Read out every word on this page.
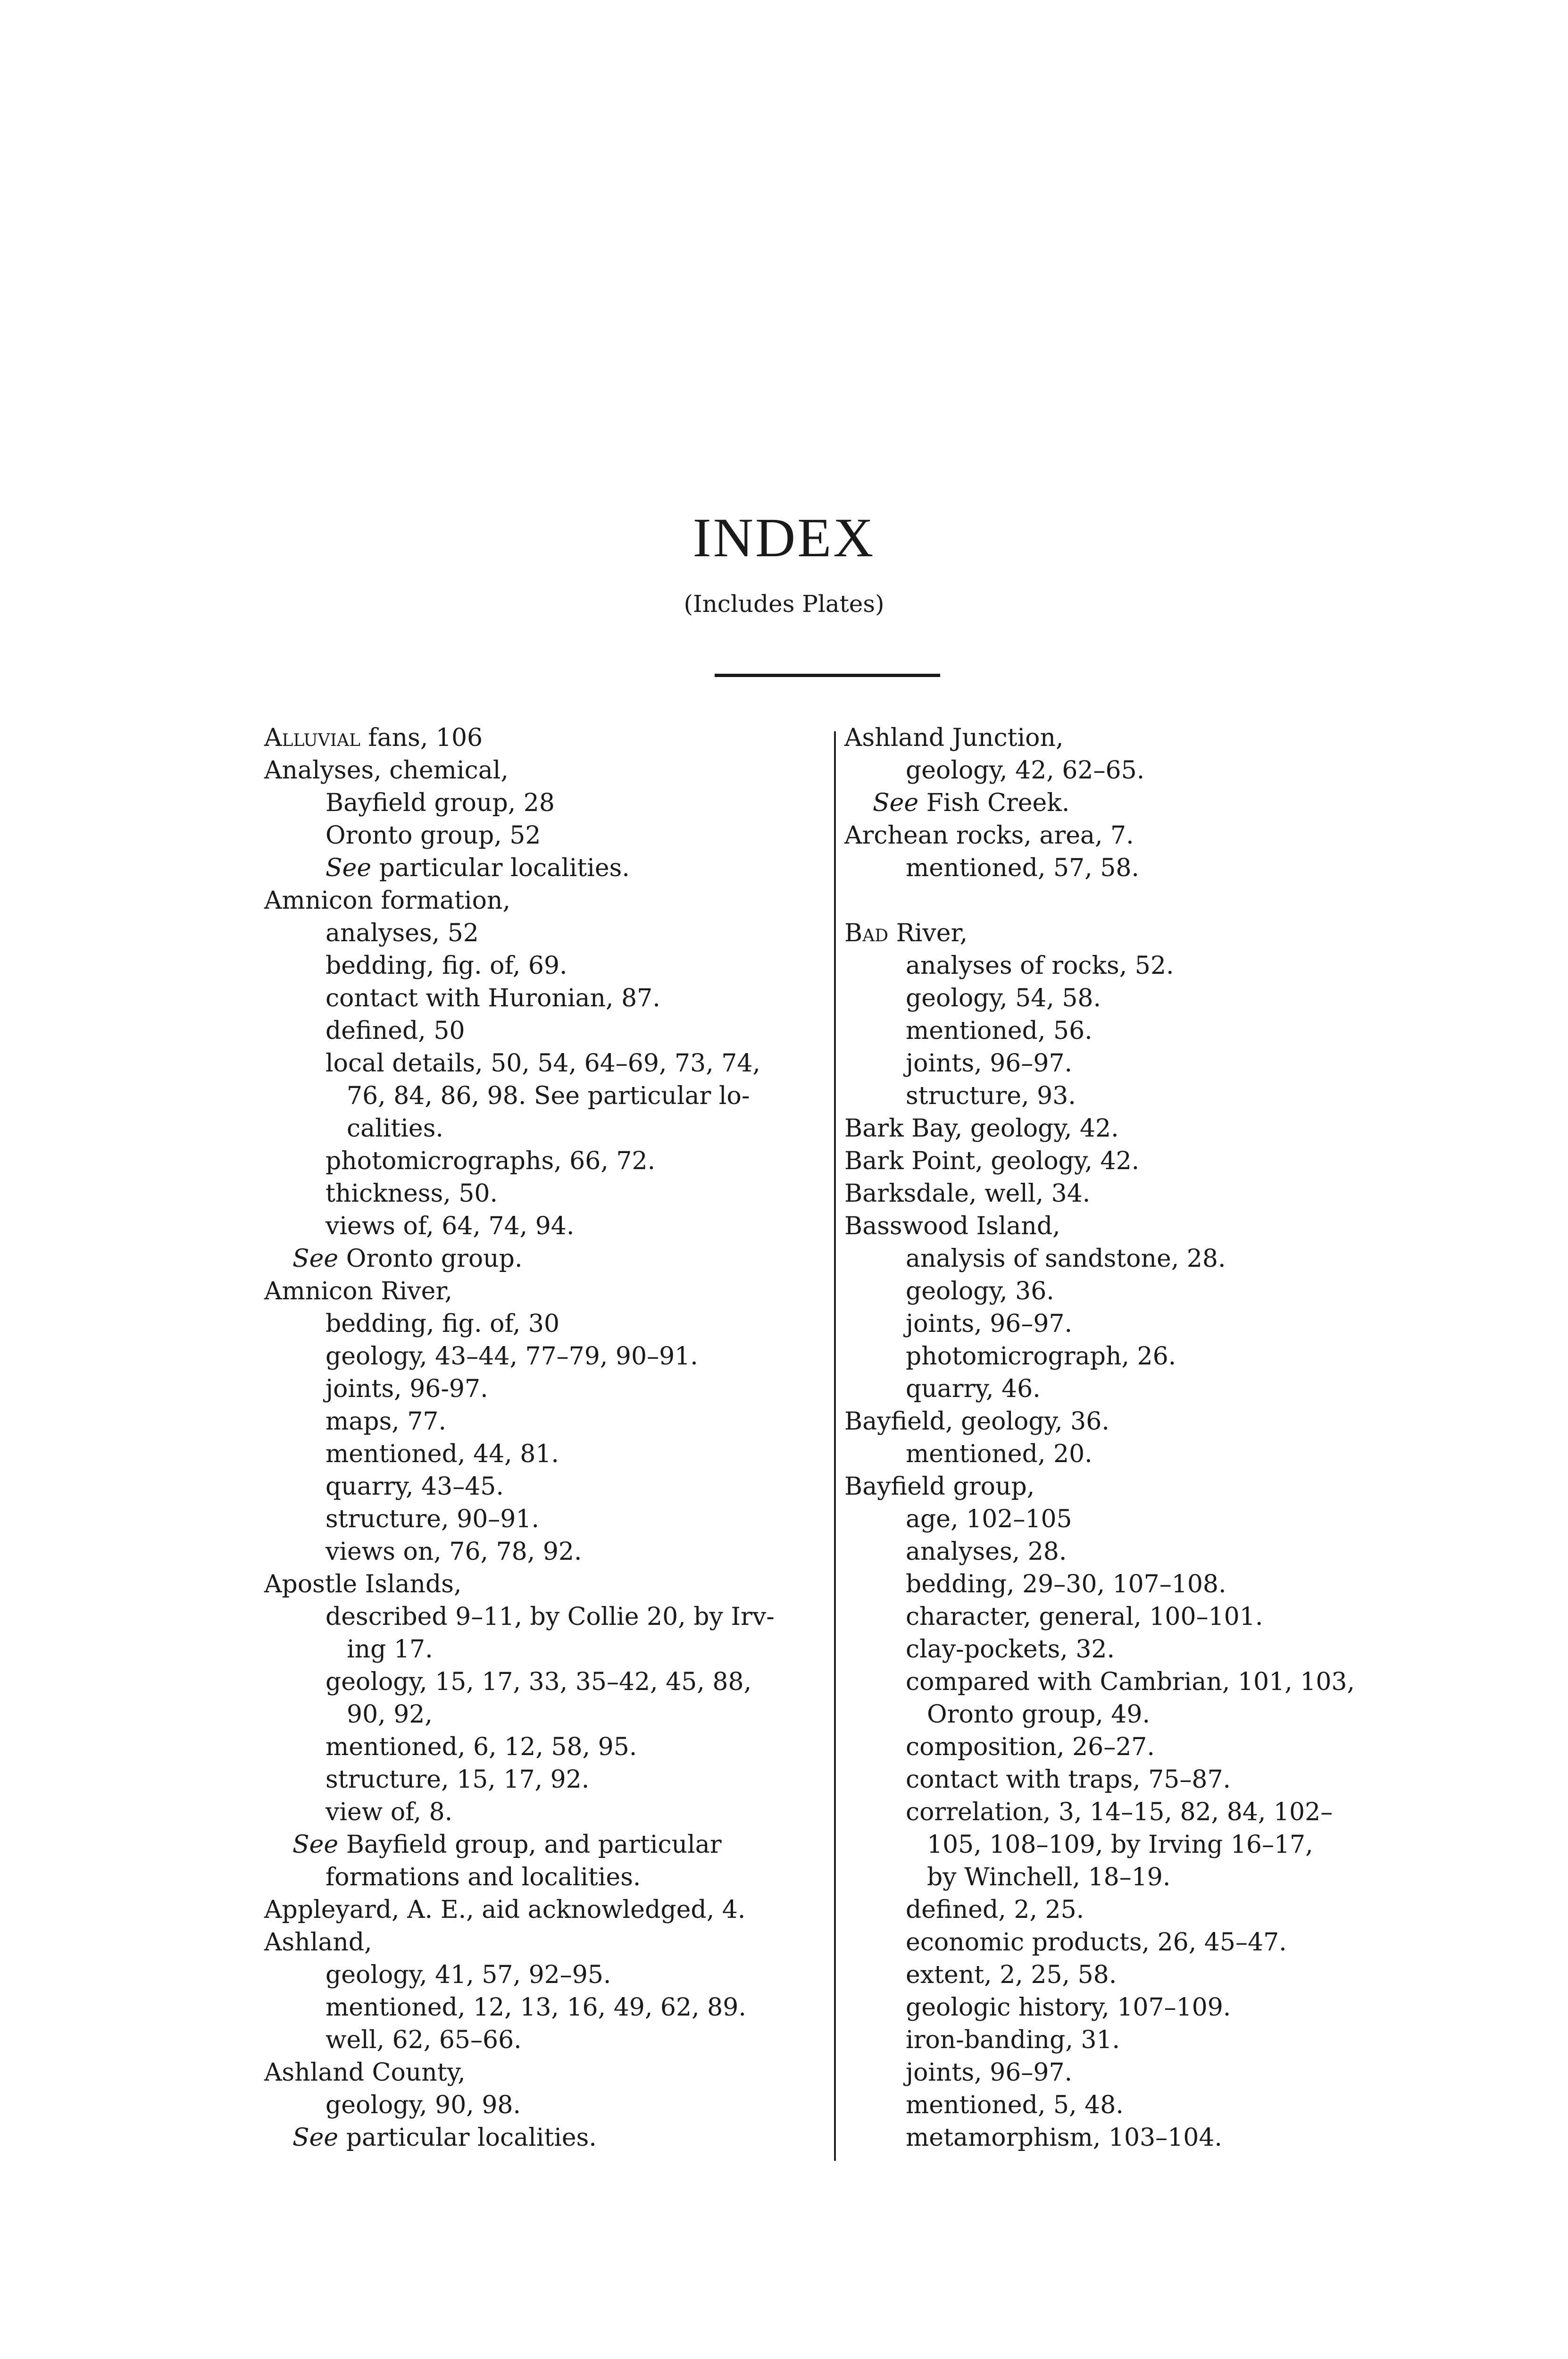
INDEX
(Includes Plates)
Alluvial fans, 106
Analyses, chemical,
Bayfield group, 28
Oronto group, 52
See particular localities.
Amnicon formation,
analyses, 52
bedding, fig. of, 69.
contact with Huronian, 87.
defined, 50
local details, 50, 54, 64–69, 73, 74,
76, 84, 86, 98. See particular lo-
calities.
photomicrographs, 66, 72.
thickness, 50.
views of, 64, 74, 94.
See Oronto group.
Amnicon River,
bedding, fig. of, 30
geology, 43–44, 77–79, 90–91.
joints, 96-97.
maps, 77.
mentioned, 44, 81.
quarry, 43–45.
structure, 90–91.
views on, 76, 78, 92.
Apostle Islands,
described 9–11, by Collie 20, by Irv-
ing 17.
geology, 15, 17, 33, 35–42, 45, 88,
90, 92,
mentioned, 6, 12, 58, 95.
structure, 15, 17, 92.
view of, 8.
See Bayfield group, and particular
formations and localities.
Appleyard, A. E., aid acknowledged, 4.
Ashland,
geology, 41, 57, 92–95.
mentioned, 12, 13, 16, 49, 62, 89.
well, 62, 65–66.
Ashland County,
geology, 90, 98.
See particular localities.
Ashland Junction,
geology, 42, 62–65.
See Fish Creek.
Archean rocks, area, 7.
mentioned, 57, 58.
Bad River,
analyses of rocks, 52.
geology, 54, 58.
mentioned, 56.
joints, 96–97.
structure, 93.
Bark Bay, geology, 42.
Bark Point, geology, 42.
Barksdale, well, 34.
Basswood Island,
analysis of sandstone, 28.
geology, 36.
joints, 96–97.
photomicrograph, 26.
quarry, 46.
Bayfield, geology, 36.
mentioned, 20.
Bayfield group,
age, 102–105
analyses, 28.
bedding, 29–30, 107–108.
character, general, 100–101.
clay-pockets, 32.
compared with Cambrian, 101, 103,
Oronto group, 49.
composition, 26–27.
contact with traps, 75–87.
correlation, 3, 14–15, 82, 84, 102–
105, 108–109, by Irving 16–17,
by Winchell, 18–19.
defined, 2, 25.
economic products, 26, 45–47.
extent, 2, 25, 58.
geologic history, 107–109.
iron-banding, 31.
joints, 96–97.
mentioned, 5, 48.
metamorphism, 103–104.
